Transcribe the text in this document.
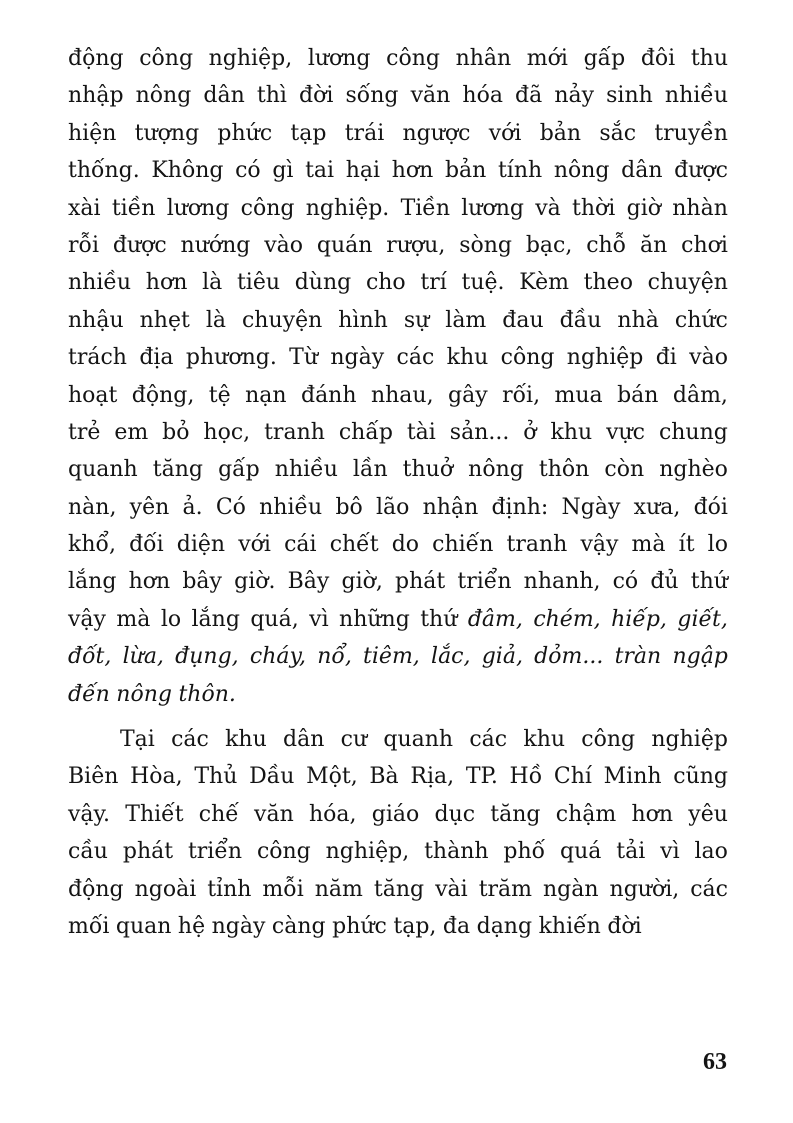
động công nghiệp, lương công nhân mới gấp đôi thu
nhập nông dân thì đời sống văn hóa đã nảy sinh nhiều
hiện tượng phức tạp trái ngược với bản sắc truyền
thống. Không có gì tai hại hơn bản tính nông dân được
xài tiền lương công nghiệp. Tiền lương và thời giờ nhàn
rỗi được nướng vào quán rượu, sòng bạc, chỗ ăn chơi
nhiều hơn là tiêu dùng cho trí tuệ. Kèm theo chuyện
nhậu nhẹt là chuyện hình sự làm đau đầu nhà chức
trách địa phương. Từ ngày các khu công nghiệp đi vào
hoạt động, tệ nạn đánh nhau, gây rối, mua bán dâm,
trẻ em bỏ học, tranh chấp tài sản... ở khu vực chung
quanh tăng gấp nhiều lần thuở nông thôn còn nghèo
nàn, yên ả. Có nhiều bô lão nhận định: Ngày xưa, đói
khổ, đối diện với cái chết do chiến tranh vậy mà ít lo
lắng hơn bây giờ. Bây giờ, phát triển nhanh, có đủ thứ
vậy mà lo lắng quá, vì những thứ đâm, chém, hiếp, giết,
đốt, lừa, đụng, cháy, nổ, tiêm, lắc, giả, dỏm... tràn ngập
đến nông thôn.
Tại các khu dân cư quanh các khu công nghiệp
Biên Hòa, Thủ Dầu Một, Bà Rịa, TP. Hồ Chí Minh cũng
vậy. Thiết chế văn hóa, giáo dục tăng chậm hơn yêu
cầu phát triển công nghiệp, thành phố quá tải vì lao
động ngoài tỉnh mỗi năm tăng vài trăm ngàn người, các
mối quan hệ ngày càng phức tạp, đa dạng khiến đời
63
